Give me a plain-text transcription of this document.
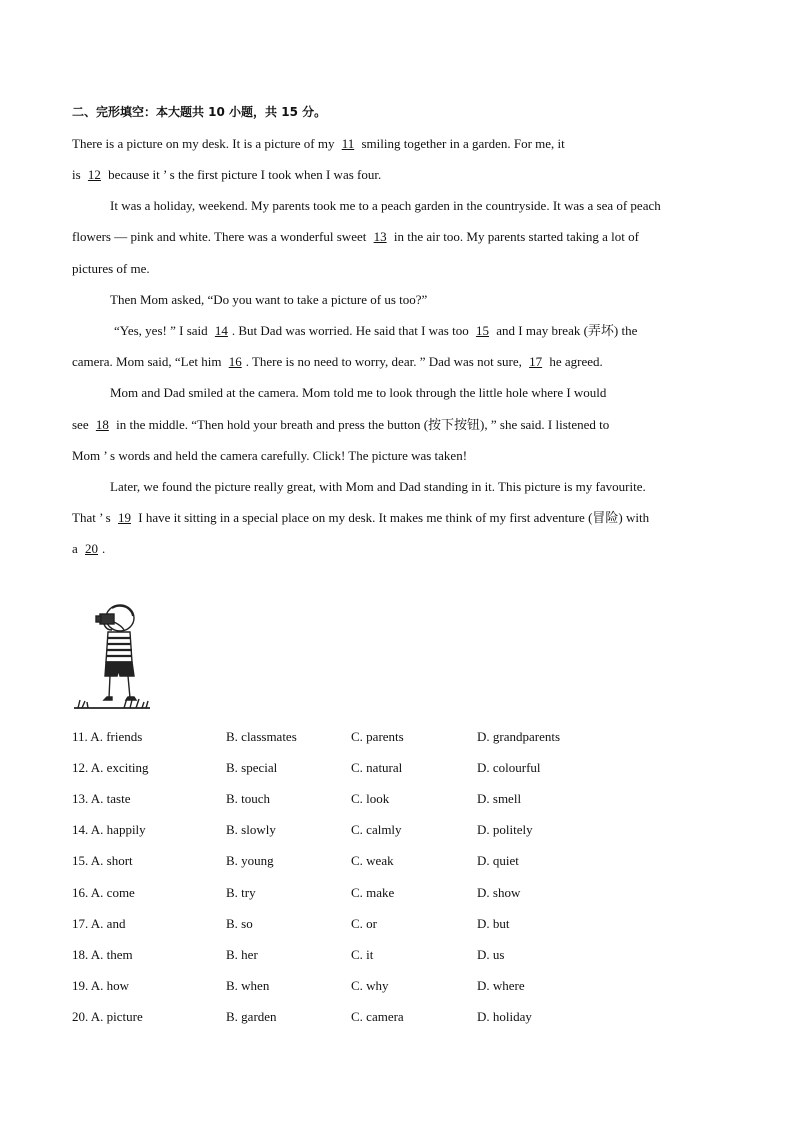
二、完形填空：本大题共 10 小题，共 15 分。
There is a picture on my desk. It is a picture of my 11 smiling together in a garden. For me, it
is 12 because it ’ s the first picture I took when I was four.
It was a holiday, weekend. My parents took me to a peach garden in the countryside. It was a sea of peach
flowers — pink and white. There was a wonderful sweet 13 in the air too. My parents started taking a lot of
pictures of me.
Then Mom asked, “Do you want to take a picture of us too?”
“Yes, yes! ” I said 14 . But Dad was worried. He said that I was too 15 and I may break (弄坏) the
camera. Mom said, “Let him 16 . There is no need to worry, dear. ” Dad was not sure, 17 he agreed.
Mom and Dad smiled at the camera. Mom told me to look through the little hole where I would
see 18 in the middle. “Then hold your breath and press the button (按下按钮), ” she said. I listened to
Mom ’ s words and held the camera carefully. Click! The picture was taken!
Later, we found the picture really great, with Mom and Dad standing in it. This picture is my favourite.
That ’ s 19 I have it sitting in a special place on my desk. It makes me think of my first adventure (冒险) with
a 20 .
11. A. friends	B. classmates	C. parents	D. grandparents
12. A. exciting	B. special	C. natural	D. colourful
13. A. taste	B. touch	C. look	D. smell
14. A. happily	B. slowly	C. calmly	D. politely
15. A. short	B. young	C. weak	D. quiet
16. A. come	B. try	C. make	D. show
17. A. and	B. so	C. or	D. but
18. A. them	B. her	C. it	D. us
19. A. how	B. when	C. why	D. where
20. A. picture	B. garden	C. camera	D. holiday
